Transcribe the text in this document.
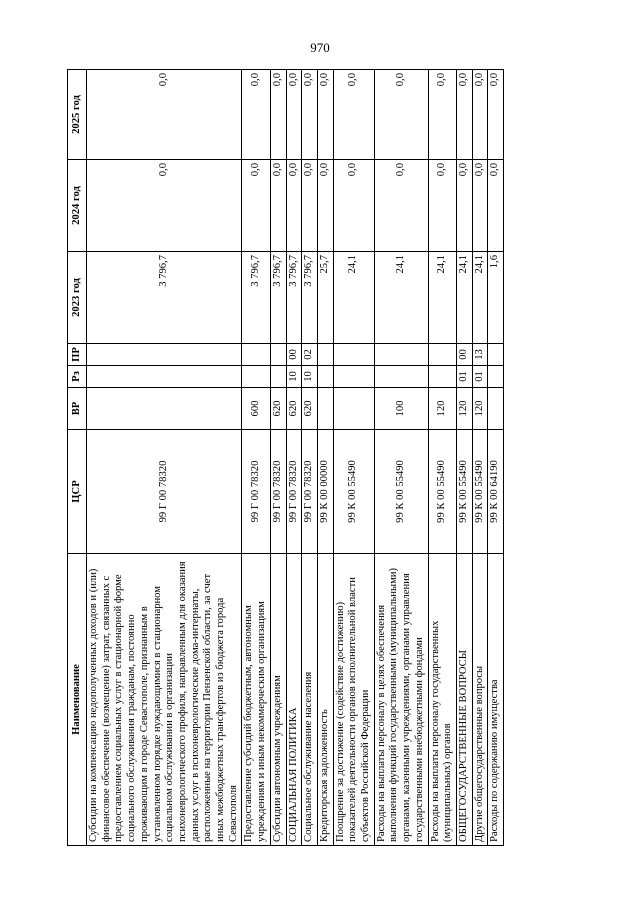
970
Наименование	ЦСР	ВР	Рз	ПР	2023 год	2024 год	2025 год
Субсидии на компенсацию недополученных доходов и (или) финансовое обеспечение (возмещение) затрат, связанных с предоставлением социальных услуг в стационарной форме социального обслуживания гражданам, постоянно проживающим в городе Севастополе, признанным в установленном порядке нуждающимися в стационарном социальном обслуживании в организации психоневрологического профиля, направленным для оказания данных услуг в психоневрологические дома-интернаты, расположенные на территории Пензенской области, за счет иных межбюджетных трансфертов из бюджета города Севастополя	99 Г 00 78320				3 796,7	0,0	0,0
Предоставление субсидий бюджетным, автономным учреждениям и иным некоммерческим организациям	99 Г 00 78320	600			3 796,7	0,0	0,0
Субсидии автономным учреждениям	99 Г 00 78320	620			3 796,7	0,0	0,0
СОЦИАЛЬНАЯ ПОЛИТИКА	99 Г 00 78320	620	10	00	3 796,7	0,0	0,0
Социальное обслуживание населения	99 Г 00 78320	620	10	02	3 796,7	0,0	0,0
Кредиторская задолженность	99 К 00 00000				25,7	0,0	0,0
Поощрение за достижение (содействие достижению) показателей деятельности органов исполнительной власти субъектов Российской Федерации	99 К 00 55490				24,1	0,0	0,0
Расходы на выплаты персоналу в целях обеспечения выполнения функций государственными (муниципальными) органами, казенными учреждениями, органами управления государственными внебюджетными фондами	99 К 00 55490	100			24,1	0,0	0,0
Расходы на выплаты персоналу государственных (муниципальных) органов	99 К 00 55490	120			24,1	0,0	0,0
ОБЩЕГОСУДАРСТВЕННЫЕ ВОПРОСЫ	99 К 00 55490	120	01	00	24,1	0,0	0,0
Другие общегосударственные вопросы	99 К 00 55490	120	01	13	24,1	0,0	0,0
Расходы по содержанию имущества	99 К 00 64190				1,6	0,0	0,0
